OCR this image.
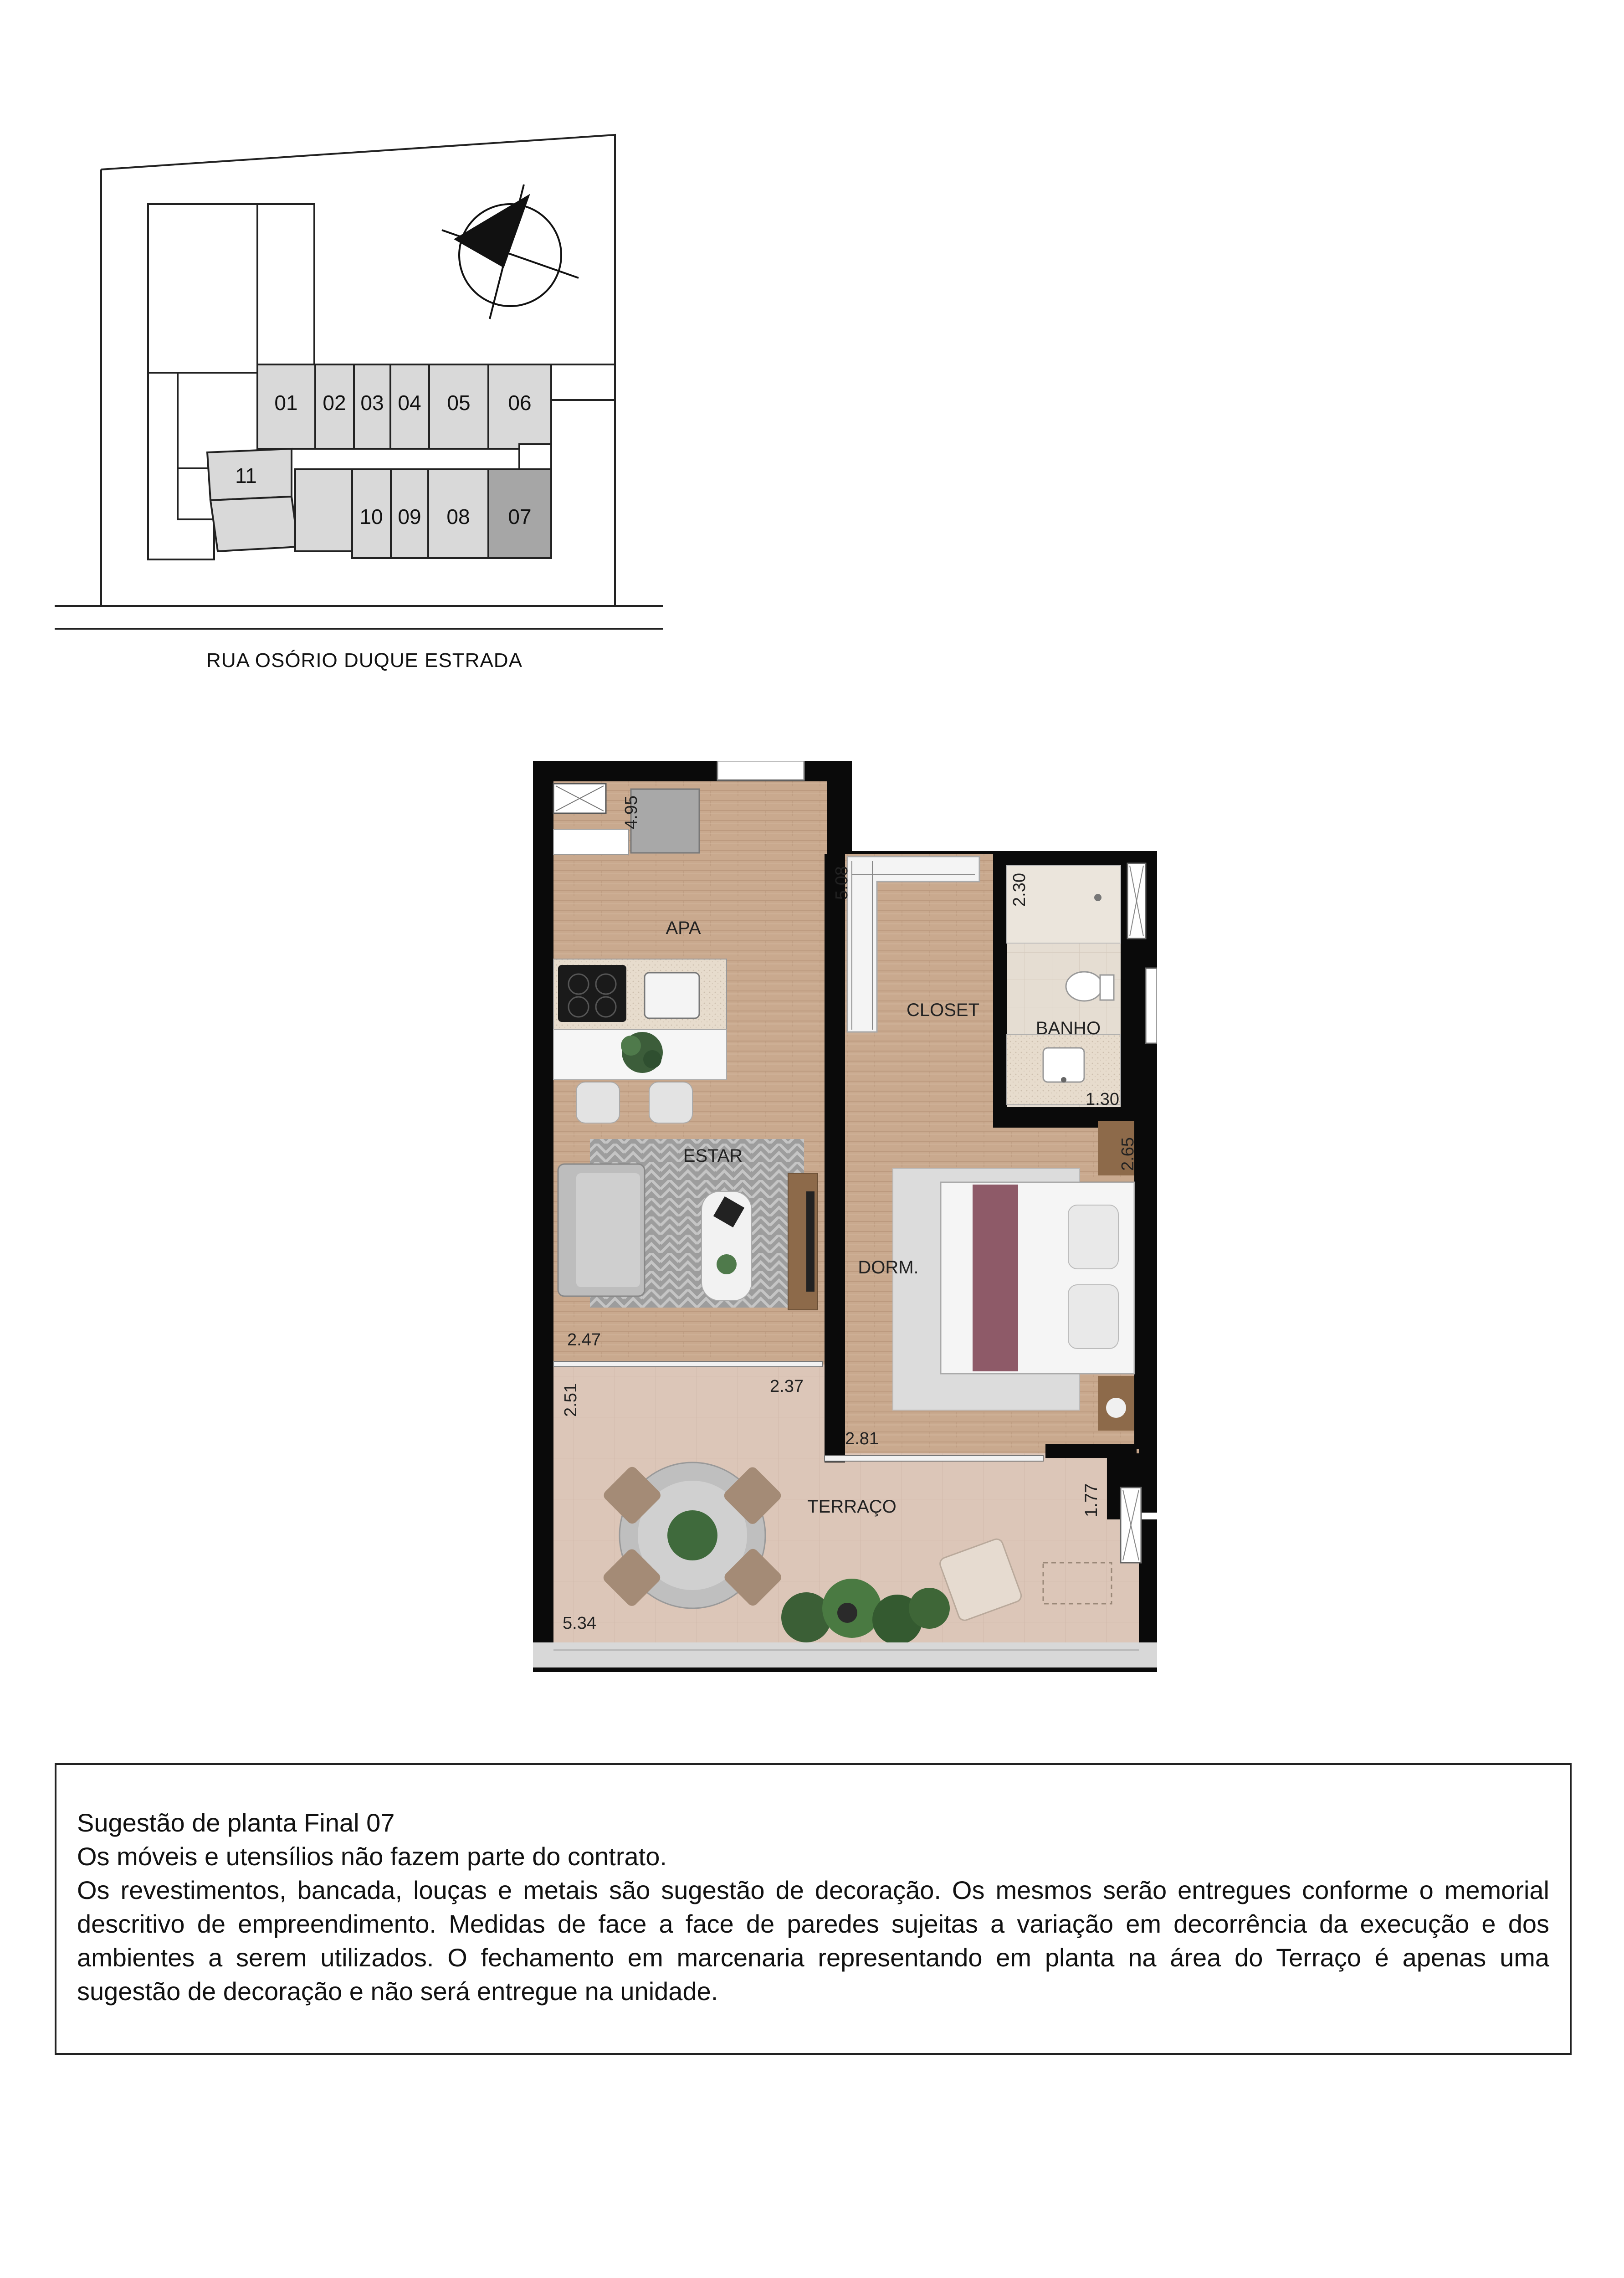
01 02 03 04 05 06
11
10 09 08 07
RUA OSÓRIO DUQUE ESTRADA
APA
CLOSET
BANHO
ESTAR
DORM.
TERRAÇO
4.95
5.08	2.30
1.30
2.65
2.47
2.51	2.37
2.81
1.77
5.34

Sugestão de planta Final 07

Os móveis e utensílios não fazem parte do contrato.

Os revestimentos, bancada, louças e metais são sugestão de decoração. Os mesmos serão entregues conforme o memorial descritivo de empreendimento. Medidas de face a face de paredes sujeitas a variação em decorrência da execução e dos ambientes a serem utilizados. O fechamento em marcenaria representando em planta na área do Terraço é apenas uma sugestão de decoração e não será entregue na unidade.
